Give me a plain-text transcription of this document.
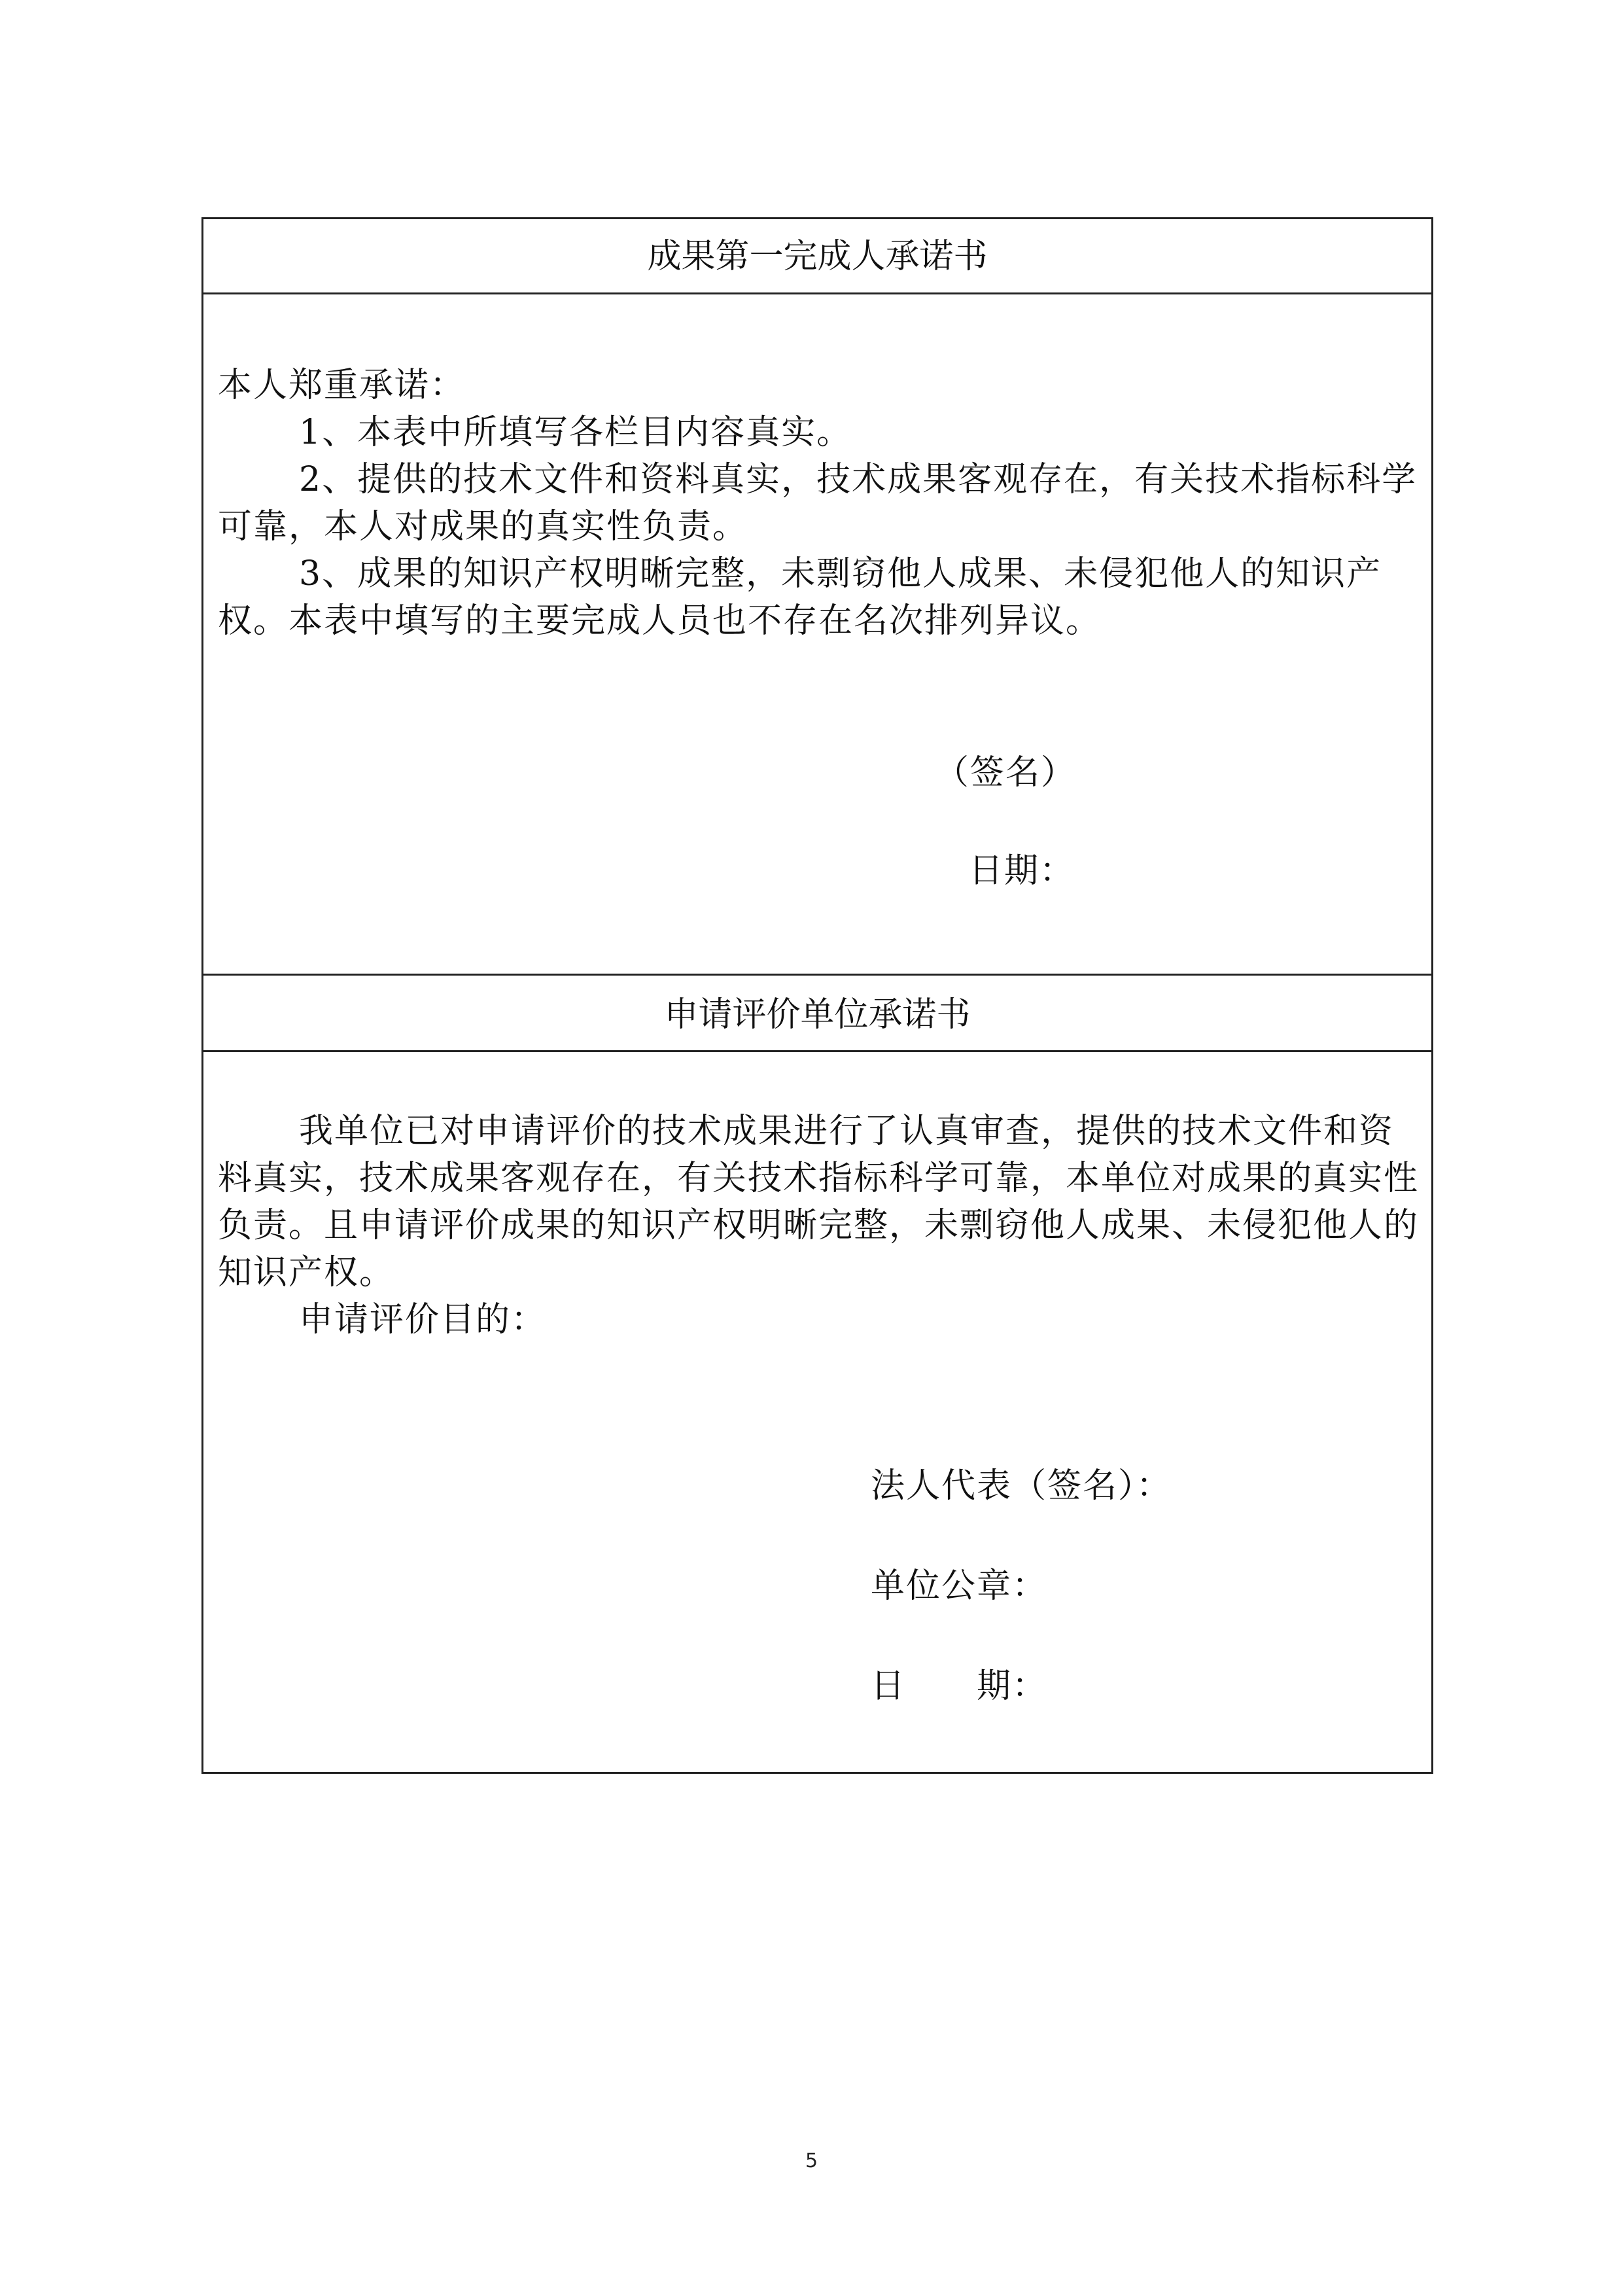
成果第一完成人承诺书

本人郑重承诺：

1、本表中所填写各栏目内容真实。

2、提供的技术文件和资料真实，技术成果客观存在，有关技术指标科学可靠，本人对成果的真实性负责。

3、成果的知识产权明晰完整，未剽窃他人成果、未侵犯他人的知识产权。本表中填写的主要完成人员也不存在名次排列异议。

（签名）
日期：
申请评价单位承诺书

我单位已对申请评价的技术成果进行了认真审查，提供的技术文件和资料真实，技术成果客观存在，有关技术指标科学可靠，本单位对成果的真实性负责。且申请评价成果的知识产权明晰完整，未剽窃他人成果、未侵犯他人的知识产权。

申请评价目的：

法人代表（签名）：
单位公章：
日　　期：
5
